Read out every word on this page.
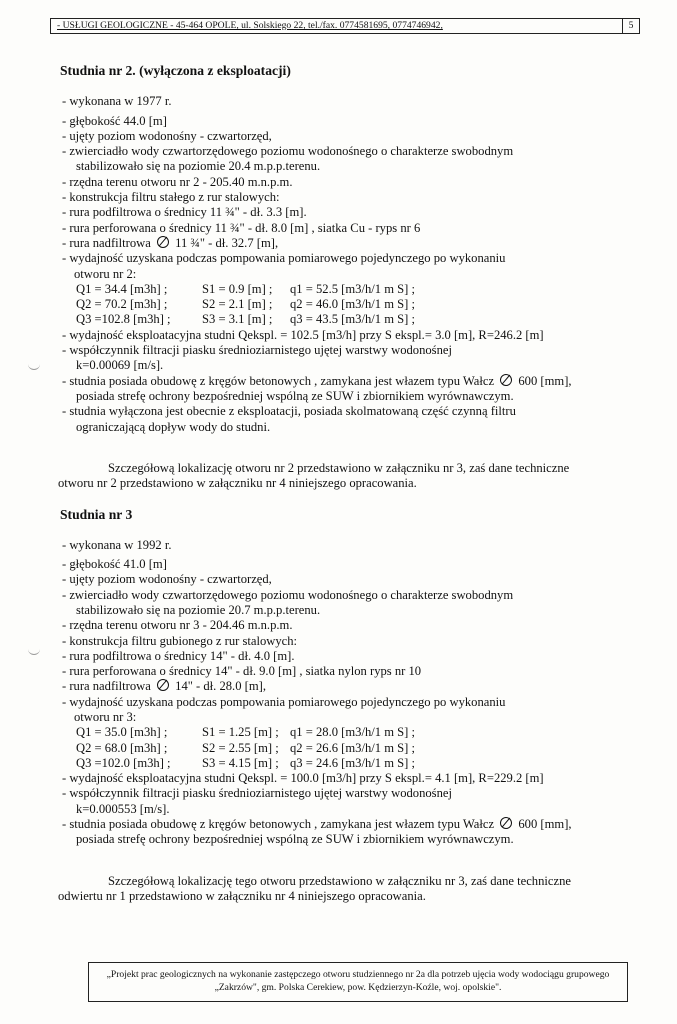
- USŁUGI GEOLOGICZNE - 45-464 OPOLE, ul. Solskiego 22, tel./fax. 0774581695, 0774746942,	5
Studnia nr 2. (wyłączona z eksploatacji)
- wykonana w 1977 r.
- głębokość 44.0 [m]
- ujęty poziom wodonośny - czwartorzęd,
- zwierciadło wody czwartorzędowego poziomu wodonośnego o charakterze swobodnym
stabilizowało się na poziomie 20.4 m.p.p.terenu.
- rzędna terenu otworu nr 2 - 205.40 m.n.p.m.
- konstrukcja filtru stałego z rur stalowych:
- rura podfiltrowa o średnicy 11 ¾" - dł. 3.3 [m].
- rura perforowana o średnicy 11 ¾" - dł. 8.0 [m] , siatka Cu - ryps nr 6
- rura nadfiltrowa 11 ¾" - dł. 32.7 [m],
- wydajność uzyskana podczas pompowania pomiarowego pojedynczego po wykonaniu
otworu nr 2:
Q1 = 34.4 [m3h] ;	S1 = 0.9 [m] ; q1 = 52.5 [m3/h/1 m S] ;
Q2 = 70.2 [m3h] ;	S2 = 2.1 [m] ; q2 = 46.0 [m3/h/1 m S] ;
Q3 =102.8 [m3h] ; S3 = 3.1 [m] ; q3 = 43.5 [m3/h/1 m S] ;
- wydajność eksploatacyjna studni Qekspl. = 102.5 [m3/h] przy S ekspl.= 3.0 [m], R=246.2 [m]
- współczynnik filtracji piasku średnioziarnistego ujętej warstwy wodonośnej
k=0.00069 [m/s].
- studnia posiada obudowę z kręgów betonowych , zamykana jest włazem typu Wałcz 600 [mm],
posiada strefę ochrony bezpośredniej wspólną ze SUW i zbiornikiem wyrównawczym.
- studnia wyłączona jest obecnie z eksploatacji, posiada skolmatowaną część czynną filtru
ograniczającą dopływ wody do studni.
Szczegółową lokalizację otworu nr 2 przedstawiono w załączniku nr 3, zaś dane techniczne
otworu nr 2 przedstawiono w załączniku nr 4 niniejszego opracowania.
Studnia nr 3
- wykonana w 1992 r.
- głębokość 41.0 [m]
- ujęty poziom wodonośny - czwartorzęd,
- zwierciadło wody czwartorzędowego poziomu wodonośnego o charakterze swobodnym
stabilizowało się na poziomie 20.7 m.p.p.terenu.
- rzędna terenu otworu nr 3 - 204.46 m.n.p.m.
- konstrukcja filtru gubionego z rur stalowych:
- rura podfiltrowa o średnicy 14" - dł. 4.0 [m].
- rura perforowana o średnicy 14" - dł. 9.0 [m] , siatka nylon ryps nr 10
- rura nadfiltrowa 14" - dł. 28.0 [m],
- wydajność uzyskana podczas pompowania pomiarowego pojedynczego po wykonaniu
otworu nr 3:
Q1 = 35.0 [m3h] ;	S1 = 1.25 [m] ; q1 = 28.0 [m3/h/1 m S] ;
Q2 = 68.0 [m3h] ;	S2 = 2.55 [m] ; q2 = 26.6 [m3/h/1 m S] ;
Q3 =102.0 [m3h] ; S3 = 4.15 [m] ; q3 = 24.6 [m3/h/1 m S] ;
- wydajność eksploatacyjna studni Qekspl. = 100.0 [m3/h] przy S ekspl.= 4.1 [m], R=229.2 [m]
- współczynnik filtracji piasku średnioziarnistego ujętej warstwy wodonośnej
k=0.000553 [m/s].
- studnia posiada obudowę z kręgów betonowych , zamykana jest włazem typu Wałcz 600 [mm],
posiada strefę ochrony bezpośredniej wspólną ze SUW i zbiornikiem wyrównawczym.
Szczegółową lokalizację tego otworu przedstawiono w załączniku nr 3, zaś dane techniczne
odwiertu nr 1 przedstawiono w załączniku nr 4 niniejszego opracowania.
„Projekt prac geologicznych na wykonanie zastępczego otworu studziennego nr 2a dla potrzeb ujęcia wody wodociągu grupowego
„Zakrzów", gm. Polska Cerekiew, pow. Kędzierzyn-Koźle, woj. opolskie".
